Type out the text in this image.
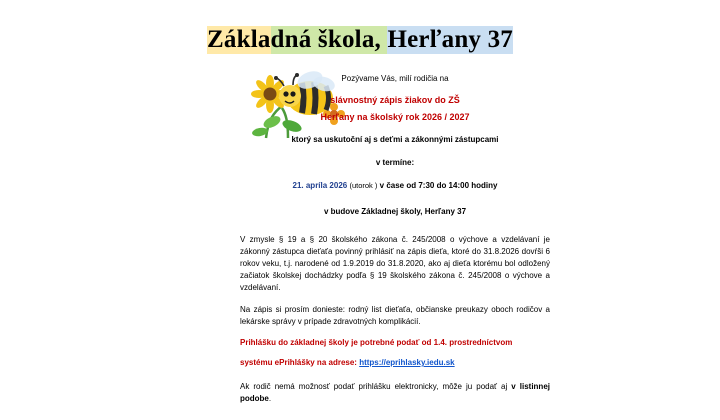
Základná škola, Herľany 37

Pozývame Vás, milí rodičia na

slávnostný zápis žiakov do ZŠ

Herľany na školský rok 2026 / 2027

ktorý sa uskutoční aj s deťmi a zákonnými zástupcami

v termíne:

21. apríla 2026 (utorok ) v čase od 7:30 do 14:00 hodiny

v budove Základnej školy, Herľany 37

V zmysle § 19 a § 20 školského zákona č. 245/2008 o výchove a vzdelávaní je zákonný zástupca dieťaťa povinný prihlásiť na zápis dieťa, ktoré do 31.8.2026 dovŕši 6 rokov veku, t.j. narodené od 1.9.2019 do 31.8.2020, ako aj dieťa ktorému bol odložený začiatok školskej dochádzky podľa § 19 školského zákona č. 245/2008 o výchove a vzdelávaní.

Na zápis si prosím donieste: rodný list dieťaťa, občianske preukazy oboch rodičov a lekárske správy v prípade zdravotných komplikácií.

Prihlášku do základnej školy je potrebné podať od 1.4. prostredníctvom

systému ePrihlášky na adrese: https://eprihlasky.iedu.sk

Ak rodič nemá možnosť podať prihlášku elektronicky, môže ju podať aj v listinnej podobe.
